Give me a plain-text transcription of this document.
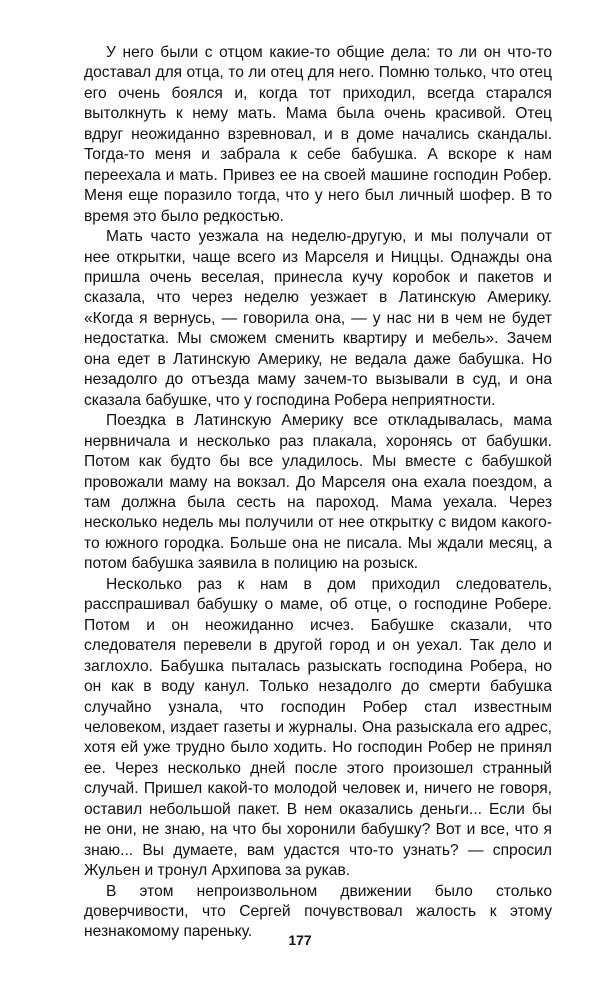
У него были с отцом какие-то общие дела: то ли он что-то доставал для отца, то ли отец для него. Помню только, что отец его очень боялся и, когда тот приходил, всегда старался вытолкнуть к нему мать. Мама была очень красивой. Отец вдруг неожиданно взревновал, и в доме начались скандалы. Тогда-то меня и забрала к себе бабушка. А вскоре к нам переехала и мать. Привез ее на своей машине господин Робер. Меня еще поразило тогда, что у него был личный шофер. В то время это было редкостью.

Мать часто уезжала на неделю-другую, и мы получали от нее открытки, чаще всего из Марселя и Ниццы. Однажды она пришла очень веселая, принесла кучу коробок и пакетов и сказала, что через неделю уезжает в Латинскую Америку. «Когда я вернусь, — говорила она, — у нас ни в чем не будет недостатка. Мы сможем сменить квартиру и мебель». Зачем она едет в Латинскую Америку, не ведала даже бабушка. Но незадолго до отъезда маму зачем-то вызывали в суд, и она сказала бабушке, что у господина Робера неприятности.

Поездка в Латинскую Америку все откладывалась, мама нервничала и несколько раз плакала, хоронясь от бабушки. Потом как будто бы все уладилось. Мы вместе с бабушкой провожали маму на вокзал. До Марселя она ехала поездом, а там должна была сесть на пароход. Мама уехала. Через несколько недель мы получили от нее открытку с видом какого-то южного городка. Больше она не писала. Мы ждали месяц, а потом бабушка заявила в полицию на розыск.

Несколько раз к нам в дом приходил следователь, расспрашивал бабушку о маме, об отце, о господине Робере. Потом и он неожиданно исчез. Бабушке сказали, что следователя перевели в другой город и он уехал. Так дело и заглохло. Бабушка пыталась разыскать господина Робера, но он как в воду канул. Только незадолго до смерти бабушка случайно узнала, что господин Робер стал известным человеком, издает газеты и журналы. Она разыскала его адрес, хотя ей уже трудно было ходить. Но господин Робер не принял ее. Через несколько дней после этого произошел странный случай. Пришел какой-то молодой человек и, ничего не говоря, оставил небольшой пакет. В нем оказались деньги... Если бы не они, не знаю, на что бы хоронили бабушку? Вот и все, что я знаю... Вы думаете, вам удастся что-то узнать? — спросил Жульен и тронул Архипова за рукав.

В этом непроизвольном движении было столько доверчивости, что Сергей почувствовал жалость к этому незнакомому пареньку.	177
